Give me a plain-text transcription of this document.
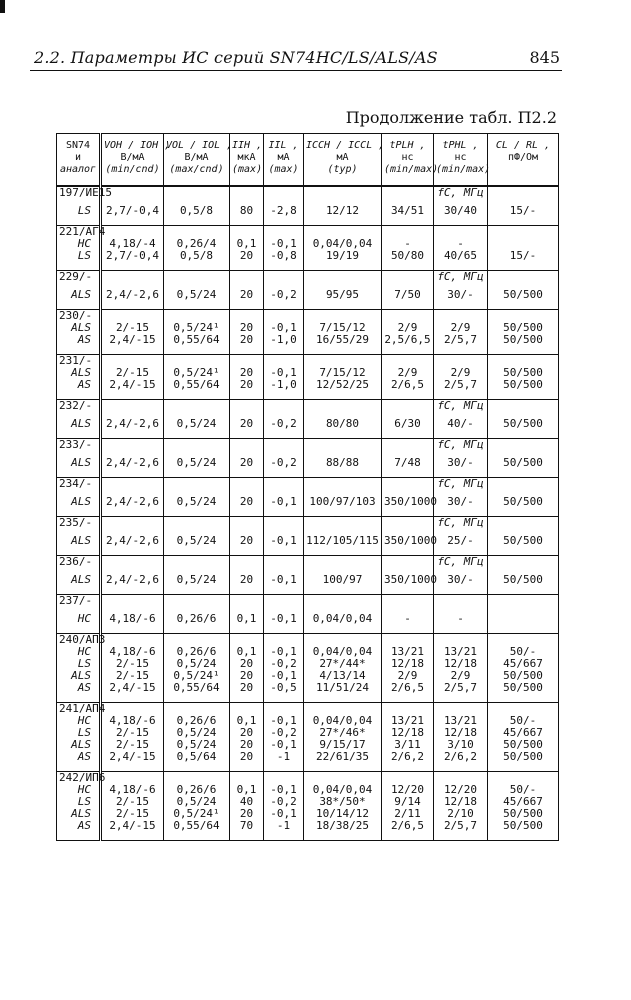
2.2. Параметры ИС серий SN74HC/LS/ALS/AS	845
Продолжение табл. П2.2
SN74
и
аналог	VOH / IOH ,
В/мА
(min/cnd)	VOL / IOL ,
В/мА
(max/cnd)	IIH ,
мкА
(max)	IIL ,
мА
(max)	ICCH / ICCL ,
мА
(typ)	tPLH ,
нс
(min/max)	tPHL ,
нс
(min/max)	CL / RL ,
пФ/Ом

197/ИЕ15							fC, МГц	

LS	2,7/-0,4	0,5/8	80	-2,8	12/12	34/51	30/40	15/-
221/АГ4								

HC	4,18/-4	0,26/4	0,1	-0,1	0,04/0,04	-	-	

LS	2,7/-0,4	0,5/8	20	-0,8	19/19	50/80	40/65	15/-
229/-							fC, МГц	

ALS	2,4/-2,6	0,5/24	20	-0,2	95/95	7/50	30/-	50/500
230/-								

ALS	2/-15	0,5/24¹	20	-0,1	7/15/12	2/9	2/9	50/500

AS	2,4/-15	0,55/64	20	-1,0	16/55/29	2,5/6,5	2/5,7	50/500
231/-								

ALS	2/-15	0,5/24¹	20	-0,1	7/15/12	2/9	2/9	50/500

AS	2,4/-15	0,55/64	20	-1,0	12/52/25	2/6,5	2/5,7	50/500
232/-							fC, МГц	

ALS	2,4/-2,6	0,5/24	20	-0,2	80/80	6/30	40/-	50/500
233/-							fC, МГц	

ALS	2,4/-2,6	0,5/24	20	-0,2	88/88	7/48	30/-	50/500
234/-							fC, МГц	

ALS	2,4/-2,6	0,5/24	20	-0,1	100/97/103	350/1000	30/-	50/500
235/-							fC, МГц	

ALS	2,4/-2,6	0,5/24	20	-0,1	112/105/115	350/1000	25/-	50/500
236/-							fC, МГц	

ALS	2,4/-2,6	0,5/24	20	-0,1	100/97	350/1000	30/-	50/500
237/-								

HC	4,18/-6	0,26/6	0,1	-0,1	0,04/0,04	-	-	
240/АП3								

HC	4,18/-6	0,26/6	0,1	-0,1	0,04/0,04	13/21	13/21	50/-

LS	2/-15	0,5/24	20	-0,2	27*/44*	12/18	12/18	45/667

ALS	2/-15	0,5/24¹	20	-0,1	4/13/14	2/9	2/9	50/500

AS	2,4/-15	0,55/64	20	-0,5	11/51/24	2/6,5	2/5,7	50/500
241/АП4								

HC	4,18/-6	0,26/6	0,1	-0,1	0,04/0,04	13/21	13/21	50/-

LS	2/-15	0,5/24	20	-0,2	27*/46*	12/18	12/18	45/667

ALS	2/-15	0,5/24	20	-0,1	9/15/17	3/11	3/10	50/500

AS	2,4/-15	0,5/64	20	-1	22/61/35	2/6,2	2/6,2	50/500
242/ИП6								

HC	4,18/-6	0,26/6	0,1	-0,1	0,04/0,04	12/20	12/20	50/-

LS	2/-15	0,5/24	40	-0,2	38*/50*	9/14	12/18	45/667

ALS	2/-15	0,5/24¹	20	-0,1	10/14/12	2/11	2/10	50/500

AS	2,4/-15	0,55/64	70	-1	18/38/25	2/6,5	2/5,7	50/500
